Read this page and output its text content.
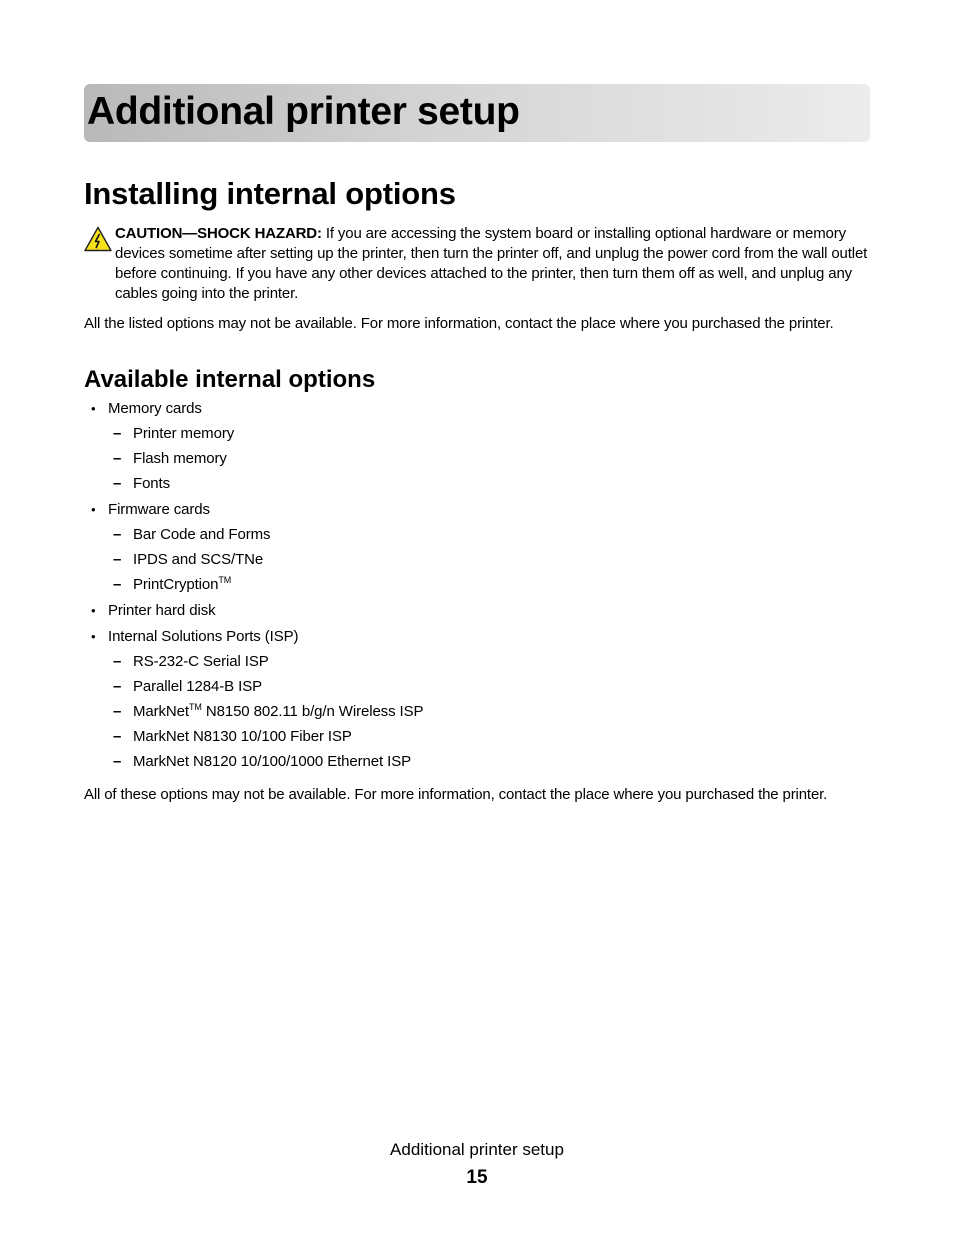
Additional printer setup
Installing internal options

CAUTION—SHOCK HAZARD: If you are accessing the system board or installing optional hardware or memory devices sometime after setting up the printer, then turn the printer off, and unplug the power cord from the wall outlet before continuing. If you have any other devices attached to the printer, then turn them off as well, and unplug any cables going into the printer.

All the listed options may not be available. For more information, contact the place where you purchased the printer.

Available internal options
• Memory cards
– Printer memory
– Flash memory
– Fonts
• Firmware cards
– Bar Code and Forms
– IPDS and SCS/TNe
– PrintCryption™
• Printer hard disk
• Internal Solutions Ports (ISP)
– RS-232-C Serial ISP
– Parallel 1284-B ISP
– MarkNet™ N8150 802.11 b/g/n Wireless ISP
– MarkNet N8130 10/100 Fiber ISP
– MarkNet N8120 10/100/1000 Ethernet ISP

All of these options may not be available. For more information, contact the place where you purchased the printer.

Additional printer setup
15
